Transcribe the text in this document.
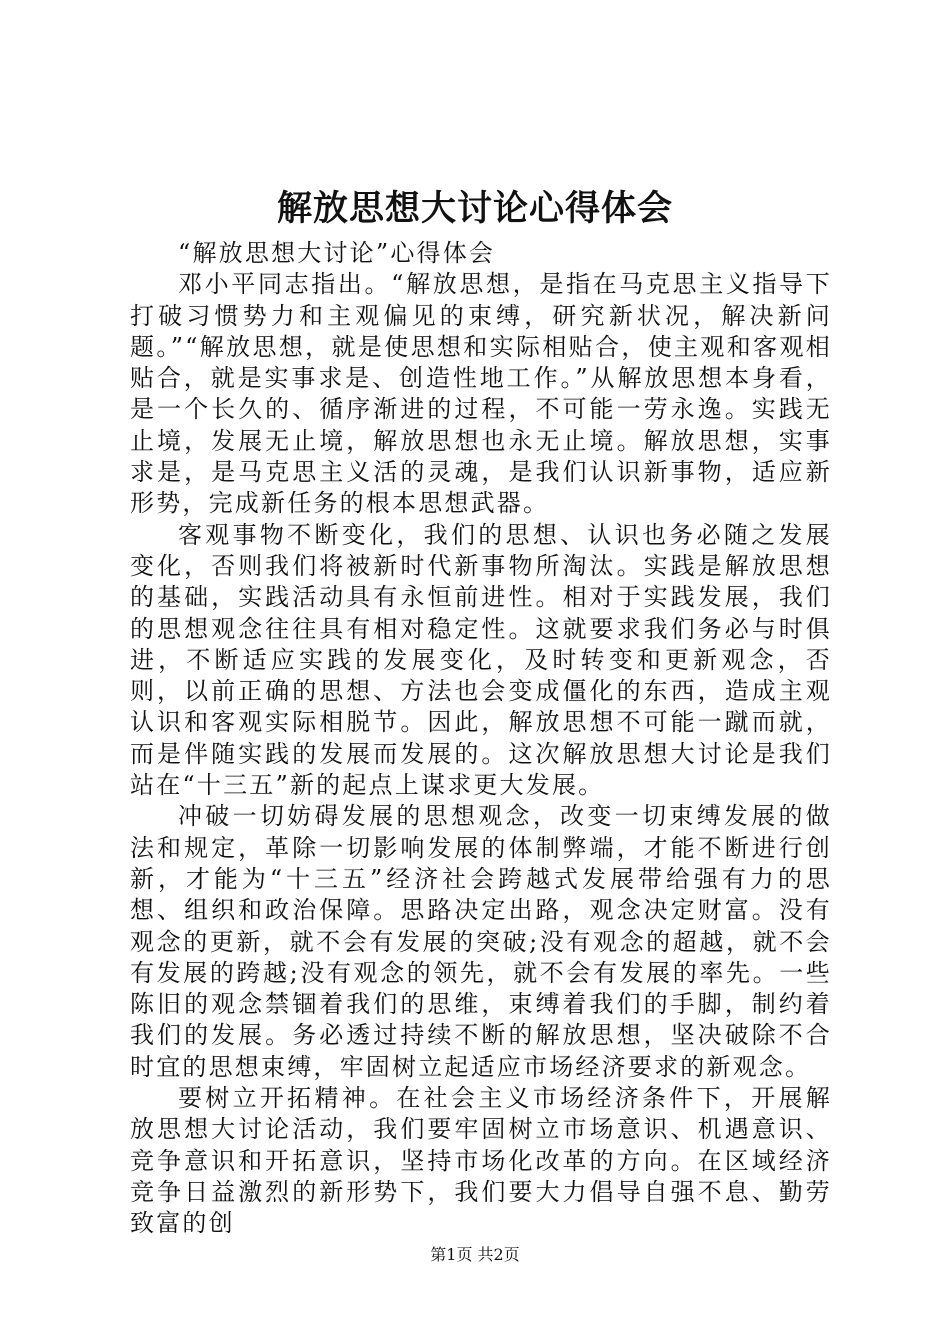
解放思想大讨论心得体会

“解放思想大讨论”心得体会

邓小平同志指出。“解放思想，是指在马克思主义指导下打破习惯势力和主观偏见的束缚，研究新状况，解决新问题。”“解放思想，就是使思想和实际相贴合，使主观和客观相贴合，就是实事求是、创造性地工作。”从解放思想本身看，是一个长久的、循序渐进的过程，不可能一劳永逸。实践无止境，发展无止境，解放思想也永无止境。解放思想，实事求是，是马克思主义活的灵魂，是我们认识新事物，适应新形势，完成新任务的根本思想武器。

客观事物不断变化，我们的思想、认识也务必随之发展变化，否则我们将被新时代新事物所淘汰。实践是解放思想的基础，实践活动具有永恒前进性。相对于实践发展，我们的思想观念往往具有相对稳定性。这就要求我们务必与时俱进，不断适应实践的发展变化，及时转变和更新观念，否则，以前正确的思想、方法也会变成僵化的东西，造成主观认识和客观实际相脱节。因此，解放思想不可能一蹴而就，而是伴随实践的发展而发展的。这次解放思想大讨论是我们站在“十三五”新的起点上谋求更大发展。

冲破一切妨碍发展的思想观念，改变一切束缚发展的做法和规定，革除一切影响发展的体制弊端，才能不断进行创新，才能为“十三五”经济社会跨越式发展带给强有力的思想、组织和政治保障。思路决定出路，观念决定财富。没有观念的更新，就不会有发展的突破;没有观念的超越，就不会有发展的跨越;没有观念的领先，就不会有发展的率先。一些陈旧的观念禁锢着我们的思维，束缚着我们的手脚，制约着我们的发展。务必透过持续不断的解放思想，坚决破除不合时宜的思想束缚，牢固树立起适应市场经济要求的新观念。

要树立开拓精神。在社会主义市场经济条件下，开展解放思想大讨论活动，我们要牢固树立市场意识、机遇意识、竞争意识和开拓意识，坚持市场化改革的方向。在区域经济竞争日益激烈的新形势下，我们要大力倡导自强不息、勤劳致富的创

第1页 共2页
